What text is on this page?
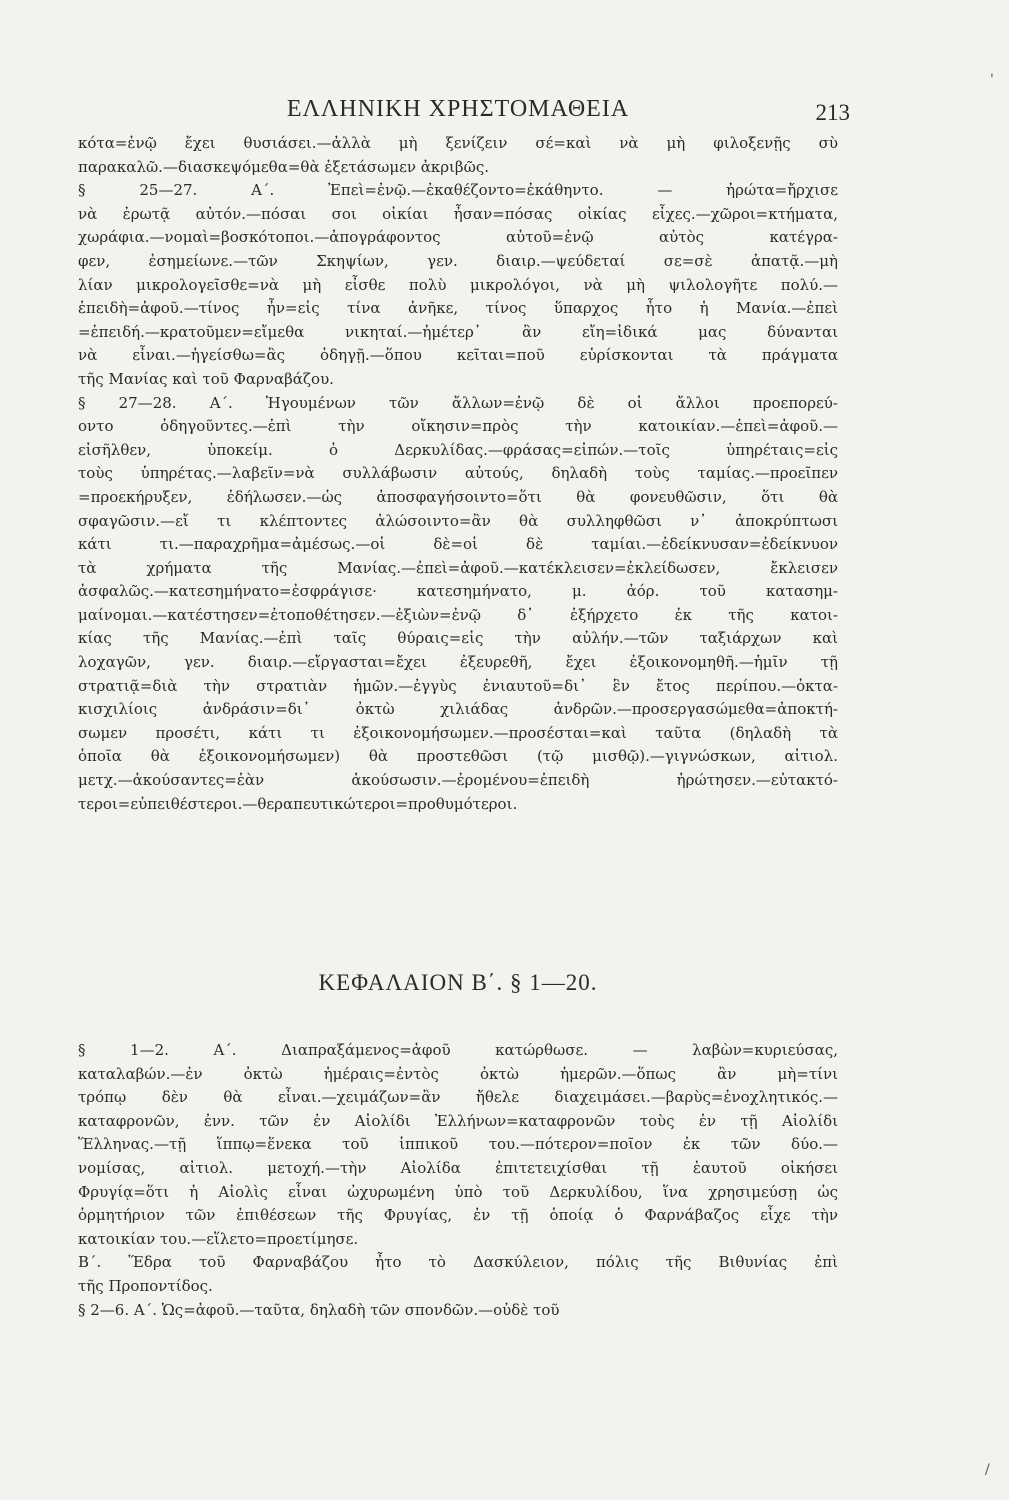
ΕΛΛΗΝΙΚΗ ΧΡΗΣΤΟΜΑΘΕΙΑ	213
κότα=ἐνῷ ἔχει θυσιάσει.—ἀλλὰ μὴ ξενίζειν σέ=καὶ νὰ μὴ φιλοξενῇς σὺ
παρακαλῶ.—διασκεψόμεθα=θὰ ἐξετάσωμεν ἀκριβῶς.
§ 25—27. Α΄. Ἐπεὶ=ἐνῷ.—ἐκαθέζοντο=ἐκάθηντο. — ἠρώτα=ἤρχισε
νὰ ἐρωτᾷ αὐτόν.—πόσαι σοι οἰκίαι ἦσαν=πόσας οἰκίας εἶχες.—χῶροι=κτήματα,
χωράφια.—νομαὶ=βοσκότοποι.—ἀπογράφοντος αὐτοῦ=ἐνῷ αὐτὸς κατέγρα-
φεν, ἐσημείωνε.—τῶν Σκηψίων, γεν. διαιρ.—ψεύδεταί σε=σὲ ἀπατᾷ.—μὴ
λίαν μικρολογεῖσθε=νὰ μὴ εἶσθε πολὺ μικρολόγοι, νὰ μὴ ψιλολογῆτε πολύ.—
ἐπειδὴ=ἀφοῦ.—τίνος ἦν=εἰς τίνα ἀνῆκε, τίνος ὕπαρχος ἦτο ἡ Μανία.—ἐπεὶ
=ἐπειδή.—κρατοῦμεν=εἴμεθα νικηταί.—ἡμέτερ᾽ ἂν εἴη=ἰδικά μας δύνανται
νὰ εἶναι.—ἡγείσθω=ἂς ὁδηγῇ.—ὅπου κεῖται=ποῦ εὑρίσκονται τὰ πράγματα
τῆς Μανίας καὶ τοῦ Φαρναβάζου.
§ 27—28. Α΄. Ἡγουμένων τῶν ἄλλων=ἐνῷ δὲ οἱ ἄλλοι προεπορεύ-
οντο ὁδηγοῦντες.—ἐπὶ τὴν οἴκησιν=πρὸς τὴν κατοικίαν.—ἐπεὶ=ἀφοῦ.—
εἰσῆλθεν, ὑποκείμ. ὁ Δερκυλίδας.—φράσας=εἰπών.—τοῖς ὑπηρέταις=εἰς
τοὺς ὑπηρέτας.—λαβεῖν=νὰ συλλάβωσιν αὐτούς, δηλαδὴ τοὺς ταμίας.—προεῖπεν
=προεκήρυξεν, ἐδήλωσεν.—ὡς ἀποσφαγήσοιντο=ὅτι θὰ φονευθῶσιν, ὅτι θὰ
σφαγῶσιν.—εἴ τι κλέπτοντες ἁλώσοιντο=ἂν θὰ συλληφθῶσι ν᾽ ἀποκρύπτωσι
κάτι τι.—παραχρῆμα=ἀμέσως.—οἱ δὲ=οἱ δὲ ταμίαι.—ἐδείκνυσαν=ἐδείκνυον
τὰ χρήματα τῆς Μανίας.—ἐπεὶ=ἀφοῦ.—κατέκλεισεν=ἐκλείδωσεν, ἔκλεισεν
ἀσφαλῶς.—κατεσημήνατο=ἐσφράγισε· κατεσημήνατο, μ. ἀόρ. τοῦ κατασημ-
μαίνομαι.—κατέστησεν=ἐτοποθέτησεν.—ἐξιὼν=ἐνῷ δ᾽ ἐξήρχετο ἐκ τῆς κατοι-
κίας τῆς Μανίας.—ἐπὶ ταῖς θύραις=εἰς τὴν αὐλήν.—τῶν ταξιάρχων καὶ
λοχαγῶν, γεν. διαιρ.—εἴργασται=ἔχει ἐξευρεθῆ, ἔχει ἐξοικονομηθῆ.—ἡμῖν τῇ
στρατιᾷ=διὰ τὴν στρατιὰν ἡμῶν.—ἐγγὺς ἐνιαυτοῦ=δι᾽ ἓν ἔτος περίπου.—ὀκτα-
κισχιλίοις ἀνδράσιν=δι᾽ ὀκτὼ χιλιάδας ἀνδρῶν.—προσεργασώμεθα=ἀποκτή-
σωμεν προσέτι, κάτι τι ἐξοικονομήσωμεν.—προσέσται=καὶ ταῦτα (δηλαδὴ τὰ
ὁποῖα θὰ ἐξοικονομήσωμεν) θὰ προστεθῶσι (τῷ μισθῷ).—γιγνώσκων, αἰτιολ.
μετχ.—ἀκούσαντες=ἐὰν ἀκούσωσιν.—ἐρομένου=ἐπειδὴ ἠρώτησεν.—εὐτακτό-
τεροι=εὐπειθέστεροι.—θεραπευτικώτεροι=προθυμότεροι.
ΚΕΦΑΛΑΙΟΝ Β΄. § 1—20.
§ 1—2. Α΄. Διαπραξάμενος=ἀφοῦ κατώρθωσε. — λαβὼν=κυριεύσας,
καταλαβών.—ἐν ὀκτὼ ἡμέραις=ἐντὸς ὀκτὼ ἡμερῶν.—ὅπως ἂν μὴ=τίνι
τρόπῳ δὲν θὰ εἶναι.—χειμάζων=ἂν ἤθελε διαχειμάσει.—βαρὺς=ἐνοχλητικός.—
καταφρονῶν, ἐνν. τῶν ἐν Αἰολίδι Ἑλλήνων=καταφρονῶν τοὺς ἐν τῇ Αἰολίδι
Ἕλληνας.—τῇ ἵππῳ=ἕνεκα τοῦ ἱππικοῦ του.—πότερον=ποῖον ἐκ τῶν δύο.—
νομίσας, αἰτιολ. μετοχή.—τὴν Αἰολίδα ἐπιτετειχίσθαι τῇ ἑαυτοῦ οἰκήσει
Φρυγίᾳ=ὅτι ἡ Αἰολὶς εἶναι ὠχυρωμένη ὑπὸ τοῦ Δερκυλίδου, ἵνα χρησιμεύσῃ ὡς
ὁρμητήριον τῶν ἐπιθέσεων τῆς Φρυγίας, ἐν τῇ ὁποίᾳ ὁ Φαρνάβαζος εἶχε τὴν
κατοικίαν του.—εἵλετο=προετίμησε.
Β΄. Ἕδρα τοῦ Φαρναβάζου ἦτο τὸ Δασκύλειον, πόλις τῆς Βιθυνίας ἐπὶ
τῆς Προποντίδος.
§ 2—6. Α΄. Ὡς=ἀφοῦ.—ταῦτα, δηλαδὴ τῶν σπονδῶν.—οὐδὲ τοῦ
'
/
